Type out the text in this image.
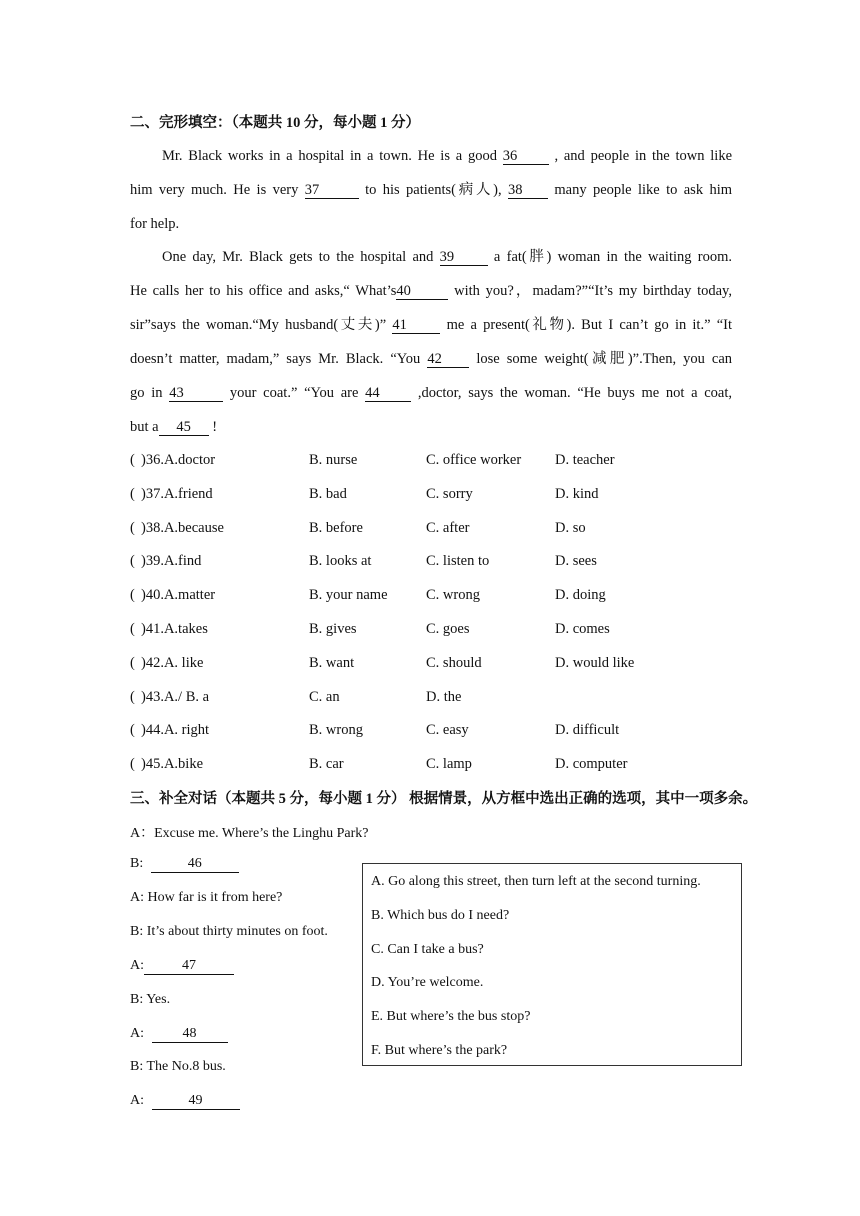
二、完形填空：（本题共 10 分，每小题 1 分）
Mr. Black works in a hospital in a town. He is a good 36	, and people in the town like
him very much. He is very 37	to his patients(病人), 38 many people like to ask him
for help.
One day, Mr. Black gets to the hospital and 39	a fat(胖) woman in the waiting room.
He calls her to his office and asks,“ What’s40	with you?，madam?”“It’s my birthday today,
sir”says the woman.“My husband(丈夫)” 41	me a present(礼物). But I can’t go in it.” “It
doesn’t matter, madam,” says Mr. Black. “You 42 lose some weight(减肥)”.Then, you can
go in 43	your coat.” “You are 44	,doctor, says the woman. “He buys me not a coat,
but a 45 !
( )36.A.doctor	B. nurse	C. office worker D. teacher
( )37.A.friend	B. bad	C. sorry	D. kind
( )38.A.because	B. before	C. after	D. so
( )39.A.find	B. looks at	C. listen to	D. sees
( )40.A.matter	B. your name	C. wrong	D. doing
( )41.A.takes	B. gives	C. goes	D. comes
( )42.A. like	B. want	C. should	D. would like
( )43.A./ B. a	C. an	D. the
( )44.A. right	B. wrong	C. easy	D. difficult
( )45.A.bike	B. car	C. lamp	D. computer
三、补全对话（本题共 5 分，每小题 1 分） 根据情景，从方框中选出正确的选项，其中一项多余。
A：Excuse me. Where’s the Linghu Park?
B:	46
A: How far is it from here?
B: It’s about thirty minutes on foot.
A:	47
B: Yes.
A:	48
B: The No.8 bus.
A:	49
A. Go along this street, then turn left at the second turning.
B. Which bus do I need?
C. Can I take a bus?
D. You’re welcome.
E. But where’s the bus stop?
F. But where’s the park?
